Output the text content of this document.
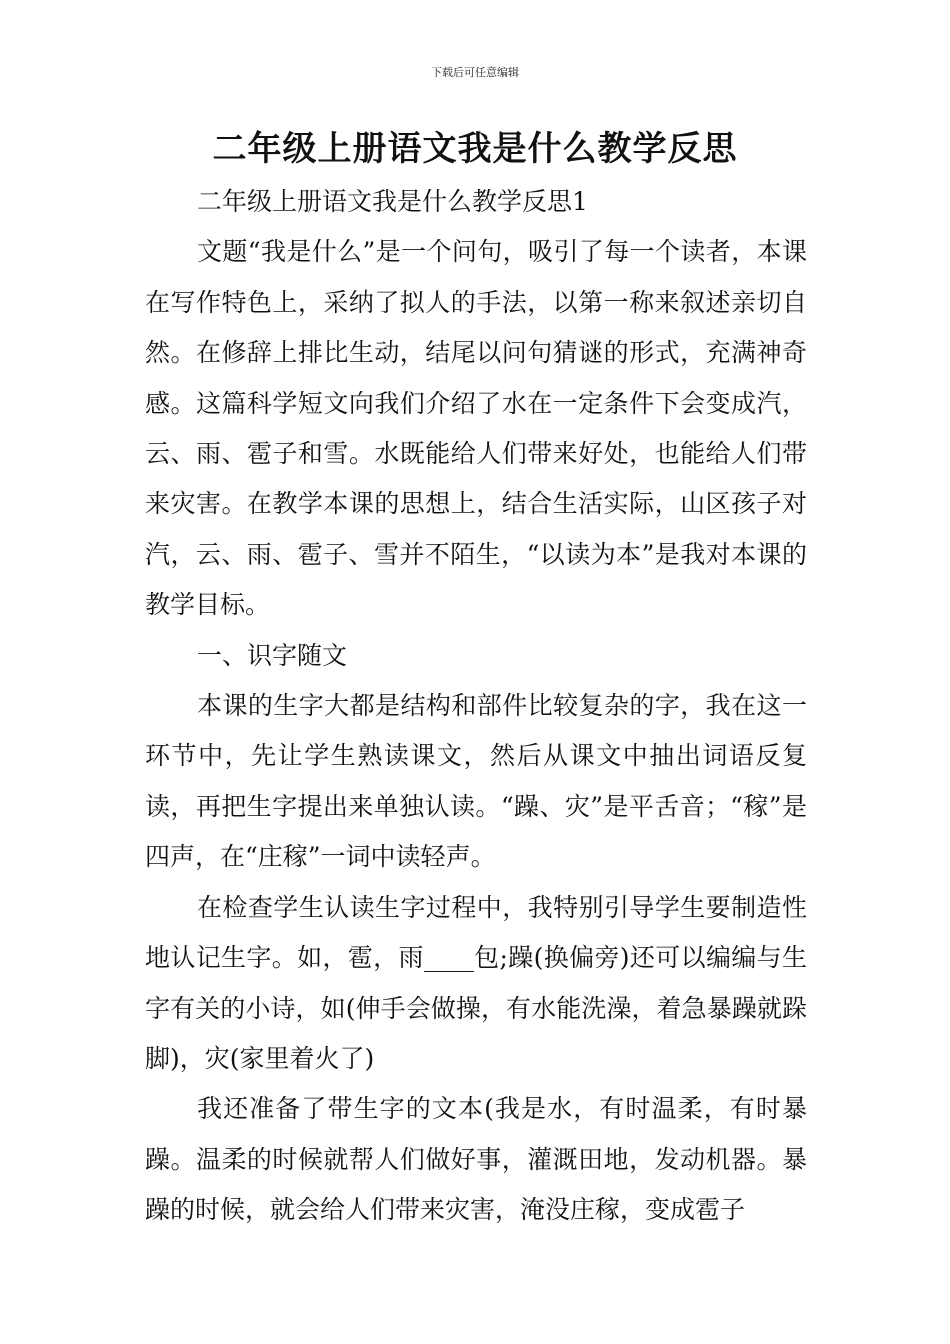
下载后可任意编辑
二年级上册语文我是什么教学反思

二年级上册语文我是什么教学反思1

文题“我是什么”是一个问句，吸引了每一个读者，本课在写作特色上，采纳了拟人的手法，以第一称来叙述亲切自然。在修辞上排比生动，结尾以问句猜谜的形式，充满神奇感。这篇科学短文向我们介绍了水在一定条件下会变成汽，云、雨、雹子和雪。水既能给人们带来好处，也能给人们带来灾害。在教学本课的思想上，结合生活实际，山区孩子对汽，云、雨、雹子、雪并不陌生，“以读为本”是我对本课的教学目标。

一、识字随文

本课的生字大都是结构和部件比较复杂的字，我在这一环节中，先让学生熟读课文，然后从课文中抽出词语反复读，再把生字提出来单独认读。“躁、灾”是平舌音；“稼”是四声，在“庄稼”一词中读轻声。

在检查学生认读生字过程中，我特别引导学生要制造性地认记生字。如，雹，雨____包;躁(换偏旁)还可以编编与生字有关的小诗，如(伸手会做操，有水能洗澡，着急暴躁就跺脚)，灾(家里着火了)

我还准备了带生字的文本(我是水，有时温柔，有时暴躁。温柔的时候就帮人们做好事，灌溉田地，发动机器。暴躁的时候，就会给人们带来灾害，淹没庄稼，变成雹子
